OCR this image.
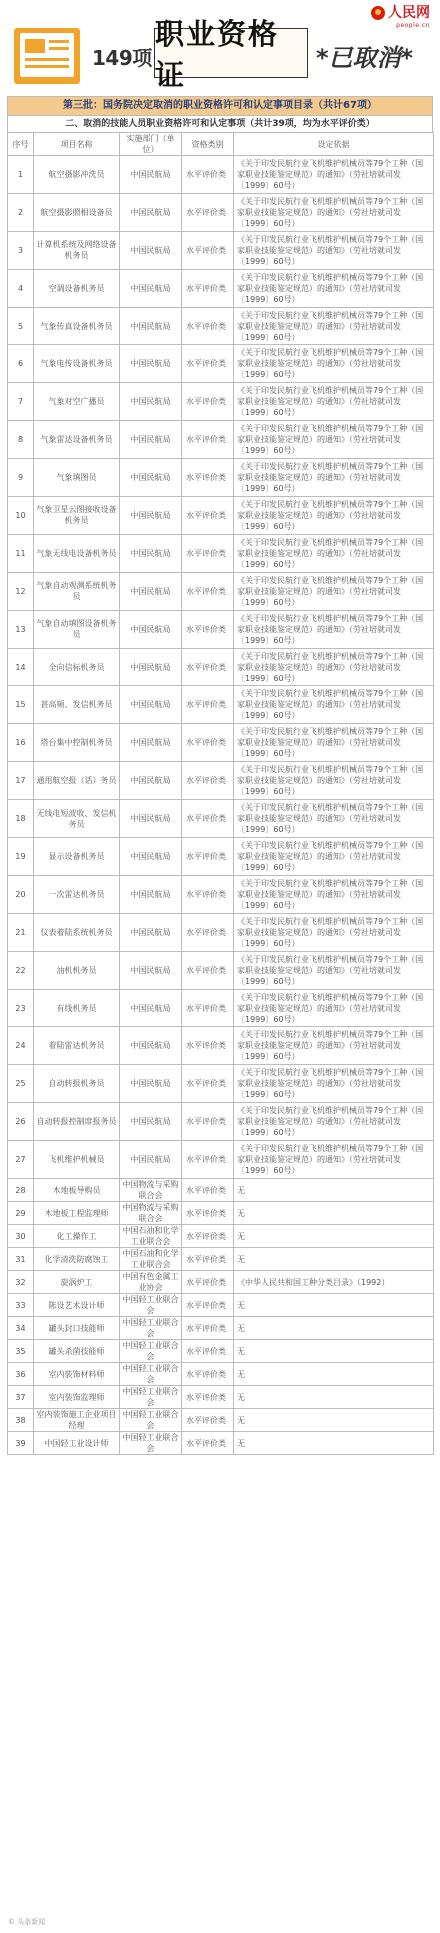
人民网
people.cn
149项
职业资格证	*已取消*
第三批：国务院决定取消的职业资格许可和认定事项目录（共计67项）
二、取消的技能人员职业资格许可和认定事项（共计39项，均为水平评价类）
序号	项目名称	实施部门（单位）	资格类别	设定依据
1	航空摄影冲洗员	中国民航局	水平评价类	《关于印发民航行业飞机维护机械员等79个工种（国家职业技能鉴定规范）的通知》（劳社培就司发〔1999〕60号）
2	航空摄影照相设备员	中国民航局	水平评价类	《关于印发民航行业飞机维护机械员等79个工种（国家职业技能鉴定规范）的通知》（劳社培就司发〔1999〕60号）
3	计算机系统及网络设备机务员	中国民航局	水平评价类	《关于印发民航行业飞机维护机械员等79个工种（国家职业技能鉴定规范）的通知》（劳社培就司发〔1999〕60号）
4	空调设备机务员	中国民航局	水平评价类	《关于印发民航行业飞机维护机械员等79个工种（国家职业技能鉴定规范）的通知》（劳社培就司发〔1999〕60号）
5	气象传真设备机务员	中国民航局	水平评价类	《关于印发民航行业飞机维护机械员等79个工种（国家职业技能鉴定规范）的通知》（劳社培就司发〔1999〕60号）
6	气象电传设备机务员	中国民航局	水平评价类	《关于印发民航行业飞机维护机械员等79个工种（国家职业技能鉴定规范）的通知》（劳社培就司发〔1999〕60号）
7	气象对空广播员	中国民航局	水平评价类	《关于印发民航行业飞机维护机械员等79个工种（国家职业技能鉴定规范）的通知》（劳社培就司发〔1999〕60号）
8	气象雷达设备机务员	中国民航局	水平评价类	《关于印发民航行业飞机维护机械员等79个工种（国家职业技能鉴定规范）的通知》（劳社培就司发〔1999〕60号）
9	气象填图员	中国民航局	水平评价类	《关于印发民航行业飞机维护机械员等79个工种（国家职业技能鉴定规范）的通知》（劳社培就司发〔1999〕60号）
10	气象卫星云图接收设备机务员	中国民航局	水平评价类	《关于印发民航行业飞机维护机械员等79个工种（国家职业技能鉴定规范）的通知》（劳社培就司发〔1999〕60号）
11	气象无线电设备机务员	中国民航局	水平评价类	《关于印发民航行业飞机维护机械员等79个工种（国家职业技能鉴定规范）的通知》（劳社培就司发〔1999〕60号）
12	气象自动观测系统机务员	中国民航局	水平评价类	《关于印发民航行业飞机维护机械员等79个工种（国家职业技能鉴定规范）的通知》（劳社培就司发〔1999〕60号）
13	气象自动填图设备机务员	中国民航局	水平评价类	《关于印发民航行业飞机维护机械员等79个工种（国家职业技能鉴定规范）的通知》（劳社培就司发〔1999〕60号）
14	全向信标机务员	中国民航局	水平评价类	《关于印发民航行业飞机维护机械员等79个工种（国家职业技能鉴定规范）的通知》（劳社培就司发〔1999〕60号）
15	甚高频、发信机务员	中国民航局	水平评价类	《关于印发民航行业飞机维护机械员等79个工种（国家职业技能鉴定规范）的通知》（劳社培就司发〔1999〕60号）
16	塔台集中控制机务员	中国民航局	水平评价类	《关于印发民航行业飞机维护机械员等79个工种（国家职业技能鉴定规范）的通知》（劳社培就司发〔1999〕60号）
17	通用航空报（话）务员	中国民航局	水平评价类	《关于印发民航行业飞机维护机械员等79个工种（国家职业技能鉴定规范）的通知》（劳社培就司发〔1999〕60号）
18	无线电短波收、发信机务员	中国民航局	水平评价类	《关于印发民航行业飞机维护机械员等79个工种（国家职业技能鉴定规范）的通知》（劳社培就司发〔1999〕60号）
19	显示设备机务员	中国民航局	水平评价类	《关于印发民航行业飞机维护机械员等79个工种（国家职业技能鉴定规范）的通知》（劳社培就司发〔1999〕60号）
20	一次雷达机务员	中国民航局	水平评价类	《关于印发民航行业飞机维护机械员等79个工种（国家职业技能鉴定规范）的通知》（劳社培就司发〔1999〕60号）
21	仪表着陆系统机务员	中国民航局	水平评价类	《关于印发民航行业飞机维护机械员等79个工种（国家职业技能鉴定规范）的通知》（劳社培就司发〔1999〕60号）
22	油机机务员	中国民航局	水平评价类	《关于印发民航行业飞机维护机械员等79个工种（国家职业技能鉴定规范）的通知》（劳社培就司发〔1999〕60号）
23	有线机务员	中国民航局	水平评价类	《关于印发民航行业飞机维护机械员等79个工种（国家职业技能鉴定规范）的通知》（劳社培就司发〔1999〕60号）
24	着陆雷达机务员	中国民航局	水平评价类	《关于印发民航行业飞机维护机械员等79个工种（国家职业技能鉴定规范）的通知》（劳社培就司发〔1999〕60号）
25	自动转报机务员	中国民航局	水平评价类	《关于印发民航行业飞机维护机械员等79个工种（国家职业技能鉴定规范）的通知》（劳社培就司发〔1999〕60号）
26	自动转报控制席报务员	中国民航局	水平评价类	《关于印发民航行业飞机维护机械员等79个工种（国家职业技能鉴定规范）的通知》（劳社培就司发〔1999〕60号）
27	飞机维护机械员	中国民航局	水平评价类	《关于印发民航行业飞机维护机械员等79个工种（国家职业技能鉴定规范）的通知》（劳社培就司发〔1999〕60号）
28	木地板导购员	中国物流与采购联合会	水平评价类	无
29	木地板工程监理师	中国物流与采购联合会	水平评价类	无
30	化工操作工	中国石油和化学工业联合会	水平评价类	无
31	化学清洗防腐蚀工	中国石油和化学工业联合会	水平评价类	无
32	旋涡炉工	中国有色金属工业协会	水平评价类	《中华人民共和国工种分类目录》（1992）
33	陈设艺术设计师	中国轻工业联合会	水平评价类	无
34	罐头封口技能师	中国轻工业联合会	水平评价类	无
35	罐头杀菌技能师	中国轻工业联合会	水平评价类	无
36	室内装饰材料师	中国轻工业联合会	水平评价类	无
37	室内装饰监理师	中国轻工业联合会	水平评价类	无
38	室内装饰施工企业项目经理	中国轻工业联合会	水平评价类	无
39	中国轻工业设计师	中国轻工业联合会	水平评价类	无
© 头条新闻
